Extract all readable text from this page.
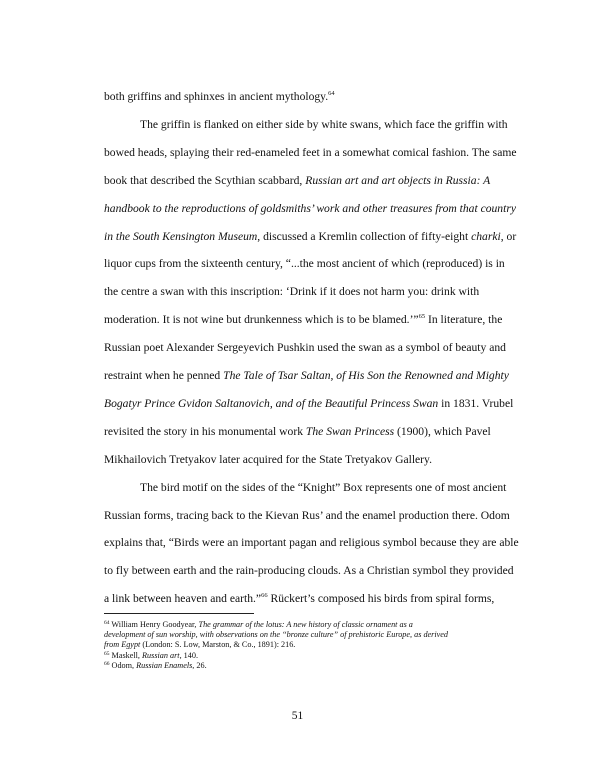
both griffins and sphinxes in ancient mythology.$^{64}$
The griffin is flanked on either side by white swans, which face the griffin with
bowed heads, splaying their red-enameled feet in a somewhat comical fashion. The same
book that described the Scythian scabbard, Russian art and art objects in Russia: A
handbook to the reproductions of goldsmiths’ work and other treasures from that country
in the South Kensington Museum, discussed a Kremlin collection of fifty-eight charki, or
liquor cups from the sixteenth century, “...the most ancient of which (reproduced) is in
the centre a swan with this inscription: ‘Drink if it does not harm you: drink with
moderation. It is not wine but drunkenness which is to be blamed.’”$^{65}$ In literature, the
Russian poet Alexander Sergeyevich Pushkin used the swan as a symbol of beauty and
restraint when he penned The Tale of Tsar Saltan, of His Son the Renowned and Mighty
Bogatyr Prince Gvidon Saltanovich, and of the Beautiful Princess Swan in 1831. Vrubel
revisited the story in his monumental work The Swan Princess (1900), which Pavel
Mikhailovich Tretyakov later acquired for the State Tretyakov Gallery.
The bird motif on the sides of the “Knight” Box represents one of most ancient
Russian forms, tracing back to the Kievan Rus’ and the enamel production there. Odom
explains that, “Birds were an important pagan and religious symbol because they are able
to fly between earth and the rain-producing clouds. As a Christian symbol they provided
a link between heaven and earth.”$^{66}$ Rückert’s composed his birds from spiral forms,
$^{64}$ William Henry Goodyear, The grammar of the lotus: A new history of classic ornament as a
development of sun worship, with observations on the “bronze culture” of prehistoric Europe, as derived
from Egypt (London: S. Low, Marston, & Co., 1891): 216.
$^{65}$ Maskell, Russian art, 140.
$^{66}$ Odom, Russian Enamels, 26.
51
